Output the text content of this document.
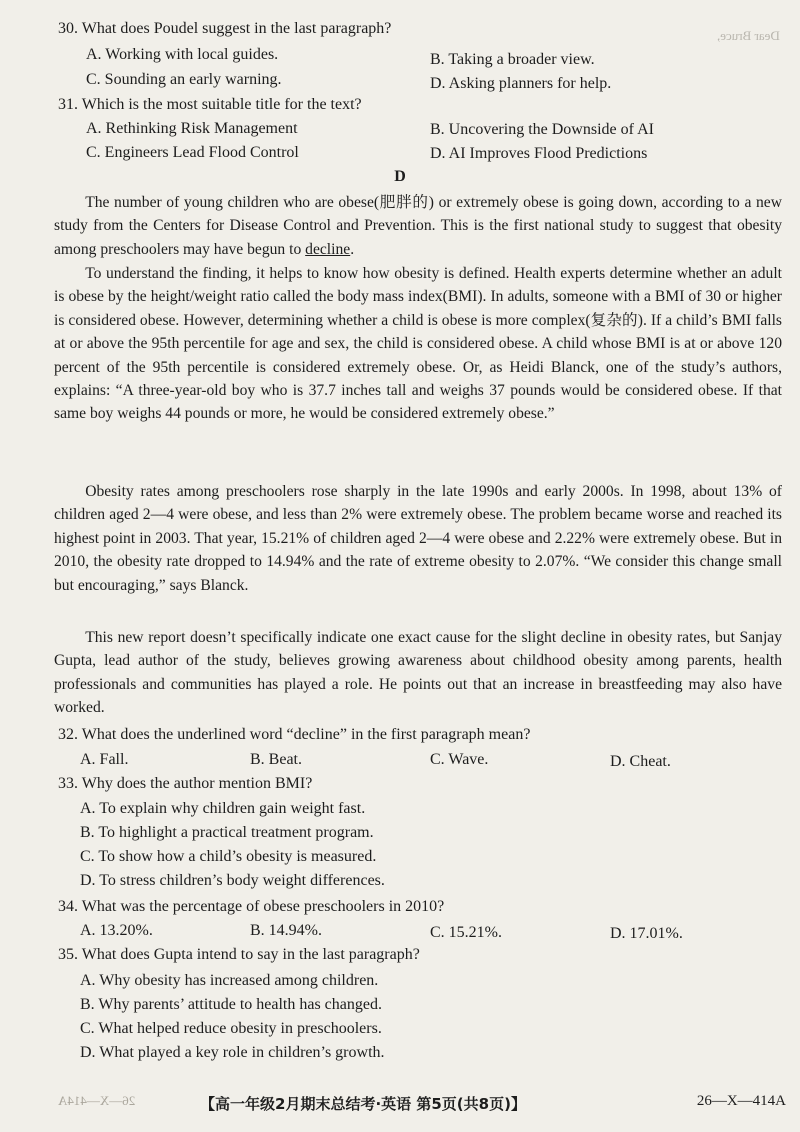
Dear Bruce,
30. What does Poudel suggest in the last paragraph?
A. Working with local guides.	B. Taking a broader view.
C. Sounding an early warning.	D. Asking planners for help.
31. Which is the most suitable title for the text?
A. Rethinking Risk Management	B. Uncovering the Downside of AI
C. Engineers Lead Flood Control	D. AI Improves Flood Predictions
D
The number of young children who are obese(肥胖的) or extremely obese is going down, according to a new study from the Centers for Disease Control and Prevention. This is the first national study to suggest that obesity among preschoolers may have begun to decline.
To understand the finding, it helps to know how obesity is defined. Health experts determine whether an adult is obese by the height/weight ratio called the body mass index(BMI). In adults, someone with a BMI of 30 or higher is considered obese. However, determining whether a child is obese is more complex(复杂的). If a child’s BMI falls at or above the 95th percentile for age and sex, the child is considered obese. A child whose BMI is at or above 120 percent of the 95th percentile is considered extremely obese. Or, as Heidi Blanck, one of the study’s authors, explains: “A three-year-old boy who is 37.7 inches tall and weighs 37 pounds would be considered obese. If that same boy weighs 44 pounds or more, he would be considered extremely obese.”
Obesity rates among preschoolers rose sharply in the late 1990s and early 2000s. In 1998, about 13% of children aged 2—4 were obese, and less than 2% were extremely obese. The problem became worse and reached its highest point in 2003. That year, 15.21% of children aged 2—4 were obese and 2.22% were extremely obese. But in 2010, the obesity rate dropped to 14.94% and the rate of extreme obesity to 2.07%. “We consider this change small but encouraging,” says Blanck.
This new report doesn’t specifically indicate one exact cause for the slight decline in obesity rates, but Sanjay Gupta, lead author of the study, believes growing awareness about childhood obesity among parents, health professionals and communities has played a role. He points out that an increase in breastfeeding may also have worked.
32. What does the underlined word “decline” in the first paragraph mean?
A. Fall.	B. Beat.	C. Wave.	D. Cheat.
33. Why does the author mention BMI?
A. To explain why children gain weight fast.
B. To highlight a practical treatment program.
C. To show how a child’s obesity is measured.
D. To stress children’s body weight differences.
34. What was the percentage of obese preschoolers in 2010?
A. 13.20%.	B. 14.94%.	C. 15.21%.	D. 17.01%.
35. What does Gupta intend to say in the last paragraph?
A. Why obesity has increased among children.
B. Why parents’ attitude to health has changed.
C. What helped reduce obesity in preschoolers.
D. What played a key role in children’s growth.
26—X—414A	【高一年级2月期末总结考·英语 第5页(共8页)】	26—X—414A
